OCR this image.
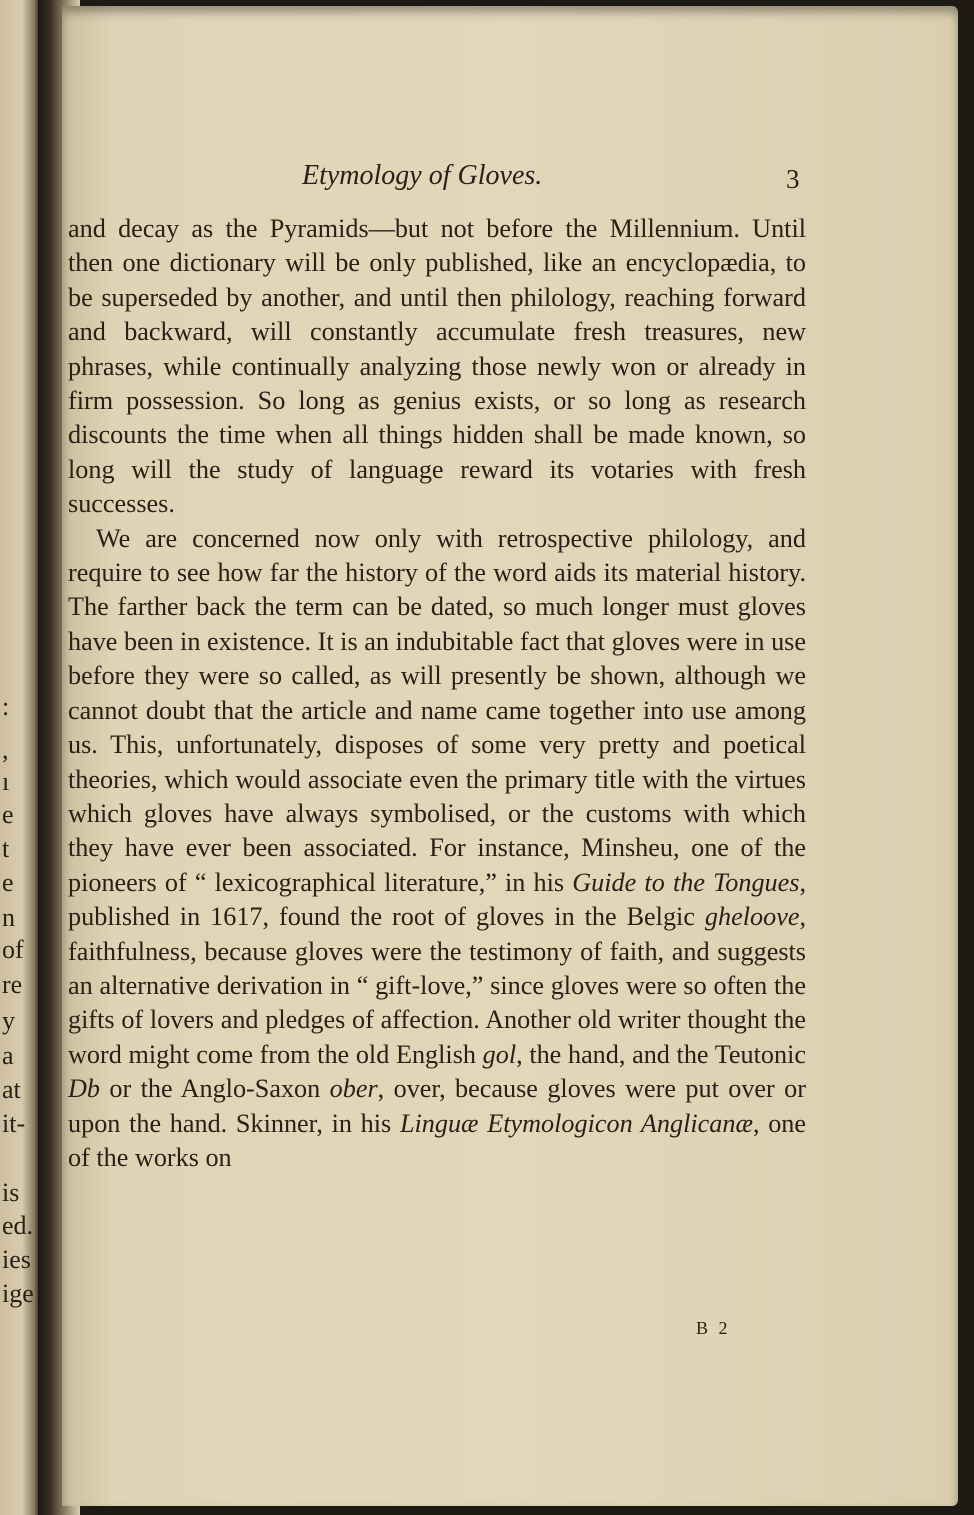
:
,
ı
e
t
e
n
of
re
y
a
at
it-
is
ed.
ies
ige
Etymology of Gloves.	3

and decay as the Pyramids—but not before the Millennium. Until then one dictionary will be only published, like an encyclopædia, to be superseded by another, and until then philology, reaching forward and backward, will constantly accumulate fresh treasures, new phrases, while continually analyzing those newly won or already in firm possession. So long as genius exists, or so long as research discounts the time when all things hidden shall be made known, so long will the study of language reward its votaries with fresh successes.

We are concerned now only with retrospective philology, and require to see how far the history of the word aids its material history. The farther back the term can be dated, so much longer must gloves have been in existence. It is an indubitable fact that gloves were in use before they were so called, as will presently be shown, although we cannot doubt that the article and name came together into use among us. This, unfortunately, disposes of some very pretty and poetical theories, which would associate even the primary title with the virtues which gloves have always symbolised, or the customs with which they have ever been associated. For instance, Minsheu, one of the pioneers of “ lexicographical literature,” in his Guide to the Tongues, published in 1617, found the root of gloves in the Belgic gheloove, faithfulness, because gloves were the testimony of faith, and suggests an alternative derivation in “ gift-love,” since gloves were so often the gifts of lovers and pledges of affection. Another old writer thought the word might come from the old English gol, the hand, and the Teutonic Db or the Anglo-Saxon ober, over, because gloves were put over or upon the hand. Skinner, in his Linguæ Etymologicon Anglicanæ, one of the works on

B 2
